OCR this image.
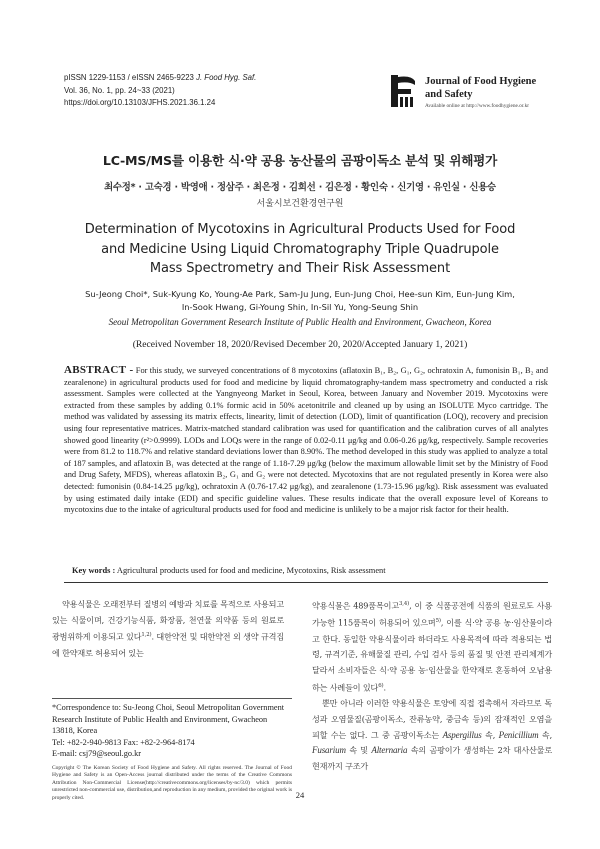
pISSN 1229-1153 / eISSN 2465-9223 J. Food Hyg. Saf.
Vol. 36, No. 1, pp. 24~33 (2021)
https://doi.org/10.13103/JFHS.2021.36.1.24
Journal of Food Hygiene
and Safety
Available online at http://www.foodhygiene.or.kr
LC-MS/MS를 이용한 식·약 공용 농산물의 곰팡이독소 분석 및 위해평가
최수정* · 고숙경 · 박영애 · 정삼주 · 최은정 · 김희선 · 김은정 · 황인숙 · 신기영 · 유인실 · 신용승
서울시보건환경연구원
Determination of Mycotoxins in Agricultural Products Used for Food
and Medicine Using Liquid Chromatography Triple Quadrupole
Mass Spectrometry and Their Risk Assessment
Su-Jeong Choi*, Suk-Kyung Ko, Young-Ae Park, Sam-Ju Jung, Eun-Jung Choi, Hee-sun Kim, Eun-Jung Kim,
In-Sook Hwang, Gi-Young Shin, In-Sil Yu, Yong-Seung Shin
Seoul Metropolitan Government Research Institute of Public Health and Environment, Gwacheon, Korea
(Received November 18, 2020/Revised December 20, 2020/Accepted January 1, 2021)
ABSTRACT - For this study, we surveyed concentrations of 8 mycotoxins (aflatoxin B₁, B₂, G₁, G₂, ochratoxin A, fumonisin B₁, B₂ and zearalenone) in agricultural products used for food and medicine by liquid chromatography-tandem mass spectrometry and conducted a risk assessment. Samples were collected at the Yangnyeong Market in Seoul, Korea, between January and November 2019. Mycotoxins were extracted from these samples by adding 0.1% formic acid in 50% acetonitrile and cleaned up by using an ISOLUTE Myco cartridge. The method was validated by assessing its matrix effects, linearity, limit of detection (LOD), limit of quantification (LOQ), recovery and precision using four representative matrices. Matrix-matched standard calibration was used for quantification and the calibration curves of all analytes showed good linearity (r²>0.9999). LODs and LOQs were in the range of 0.02-0.11 μg/kg and 0.06-0.26 μg/kg, respectively. Sample recoveries were from 81.2 to 118.7% and relative standard deviations lower than 8.90%. The method developed in this study was applied to analyze a total of 187 samples, and aflatoxin B₁ was detected at the range of 1.18-7.29 μg/kg (below the maximum allowable limit set by the Ministry of Food and Drug Safety, MFDS), whereas aflatoxin B₂, G₁ and G₂ were not detected. Mycotoxins that are not regulated presently in Korea were also detected: fumonisin (0.84-14.25 μg/kg), ochratoxin A (0.76-17.42 μg/kg), and zearalenone (1.73-15.96 μg/kg). Risk assessment was evaluated by using estimated daily intake (EDI) and specific guideline values. These results indicate that the overall exposure level of Koreans to mycotoxins due to the intake of agricultural products used for food and medicine is unlikely to be a major risk factor for their health.
Key words : Agricultural products used for food and medicine, Mycotoxins, Risk assessment
약용식물은 오래전부터 질병의 예방과 치료를 목적으로 사용되고 있는 식물이며, 건강기능식품, 화장품, 천연물 의약품 등의 원료로 광범위하게 이용되고 있다$^{1,2)}$. 대한약전 및 대한약전 외 생약 규격집에 한약재로 허용되어 있는
*Correspondence to: Su-Jeong Choi, Seoul Metropolitan Government Research Institute of Public Health and Environment, Gwacheon 13818, Korea
Tel: +82-2-940-9813 Fax: +82-2-964-8174
E-mail: csj79@seoul.go.kr
Copyright © The Korean Society of Food Hygiene and Safety. All rights reserved. The Journal of Food Hygiene and Safety is an Open-Access journal distributed under the terms of the Creative Commons Attribution Non-Commercial License(http://creativecommons.org/licenses/by-nc/3.0) which permits unrestricted non-commercial use, distribution,and reproduction in any medium, provided the original work is properly cited.
약용식물은 489품목이고$^{3,4)}$, 이 중 식품공전에 식품의 원료로도 사용 가능한 115품목이 허용되어 있으며$^{5)}$, 이를 식·약 공용 농·임산물이라고 한다. 동일한 약용식물이라 하더라도 사용목적에 따라 적용되는 법령, 규격기준, 유해물질 관리, 수입 검사 등의 품질 및 안전 관리체계가 달라서 소비자들은 식·약 공용 농·임산물을 한약재로 혼동하여 오남용하는 사례들이 있다$^{6)}$.
뿐만 아니라 이러한 약용식물은 토양에 직접 접촉해서 자라므로 독성과 오염물질(곰팡이독소, 잔류농약, 중금속 등)의 잠재적인 오염을 피할 수는 없다. 그 중 곰팡이독소는 Aspergillus 속, Penicillium 속, Fusarium 속 및 Alternaria 속의 곰팡이가 생성하는 2차 대사산물로 현재까지 구조가
24
